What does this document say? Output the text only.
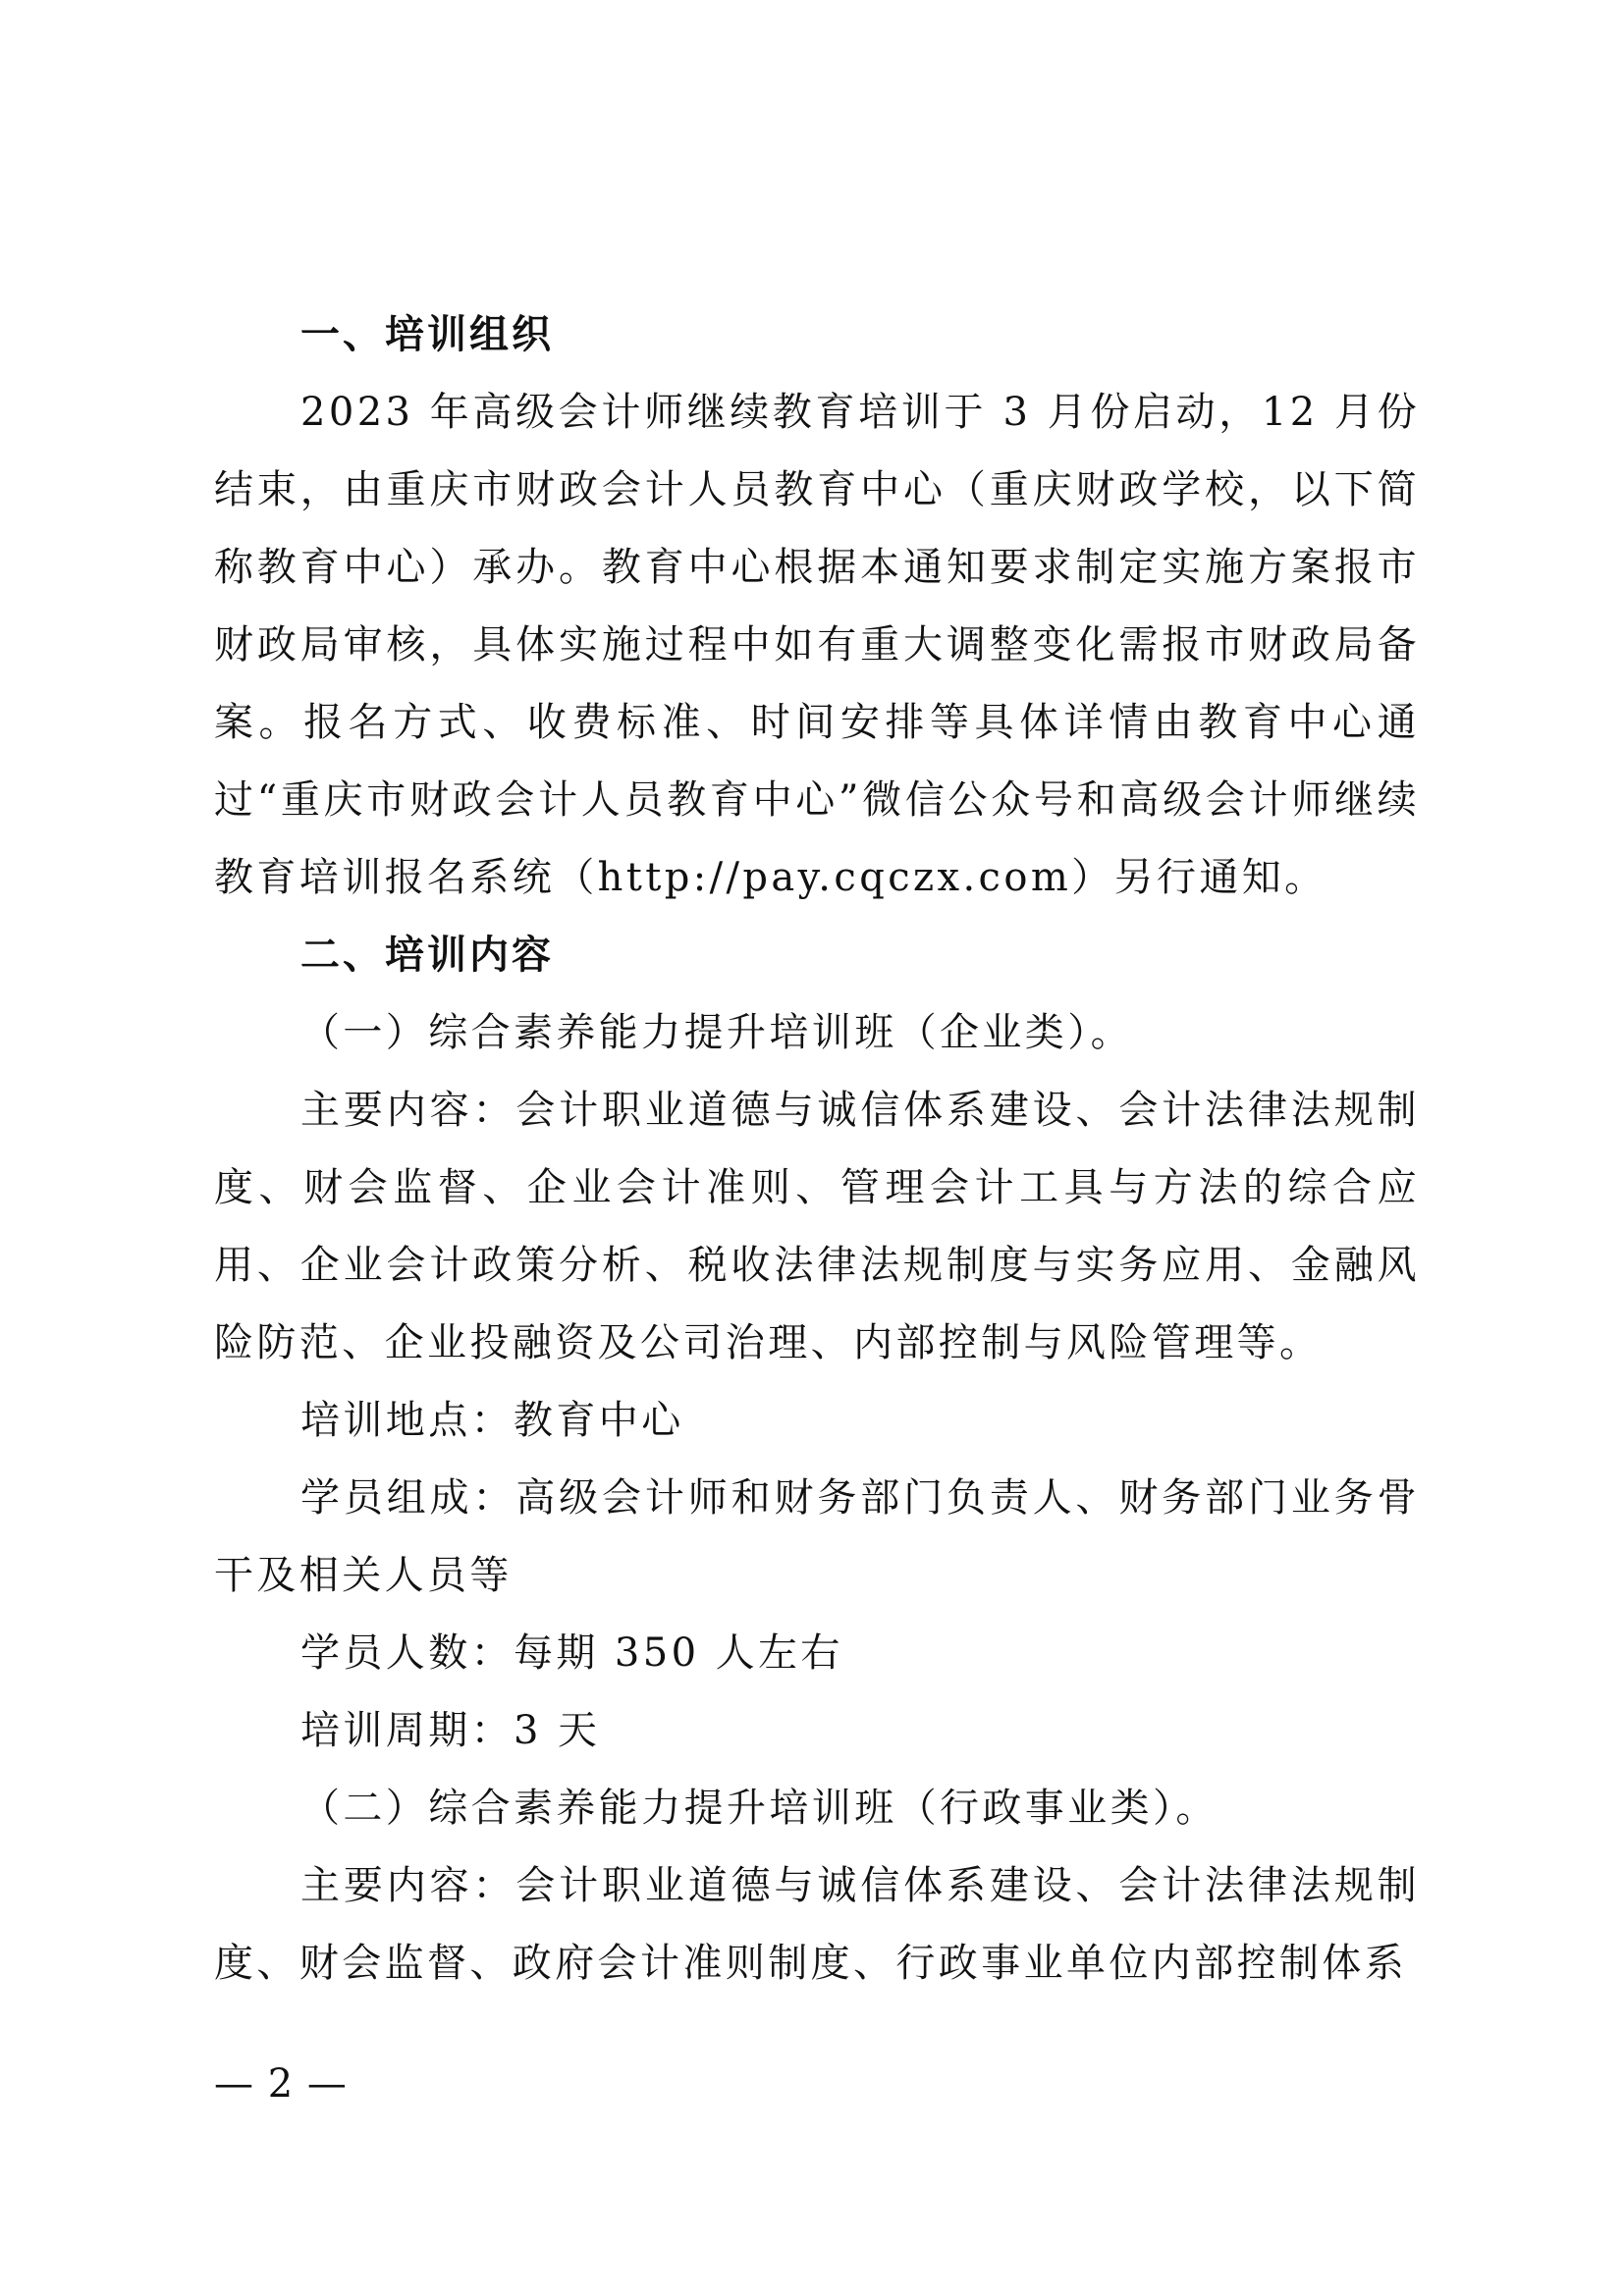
一、培训组织

2023 年高级会计师继续教育培训于 3 月份启动，12 月份结束，由重庆市财政会计人员教育中心（重庆财政学校，以下简称教育中心）承办。教育中心根据本通知要求制定实施方案报市财政局审核，具体实施过程中如有重大调整变化需报市财政局备案。报名方式、收费标准、时间安排等具体详情由教育中心通过“重庆市财政会计人员教育中心”微信公众号和高级会计师继续教育培训报名系统（http://pay.cqczx.com）另行通知。

二、培训内容

（一）综合素养能力提升培训班（企业类）。

主要内容：会计职业道德与诚信体系建设、会计法律法规制度、财会监督、企业会计准则、管理会计工具与方法的综合应用、企业会计政策分析、税收法律法规制度与实务应用、金融风险防范、企业投融资及公司治理、内部控制与风险管理等。

培训地点：教育中心

学员组成：高级会计师和财务部门负责人、财务部门业务骨干及相关人员等

学员人数：每期 350 人左右

培训周期：3 天

（二）综合素养能力提升培训班（行政事业类）。

主要内容：会计职业道德与诚信体系建设、会计法律法规制度、财会监督、政府会计准则制度、行政事业单位内部控制体系

— 2 —
